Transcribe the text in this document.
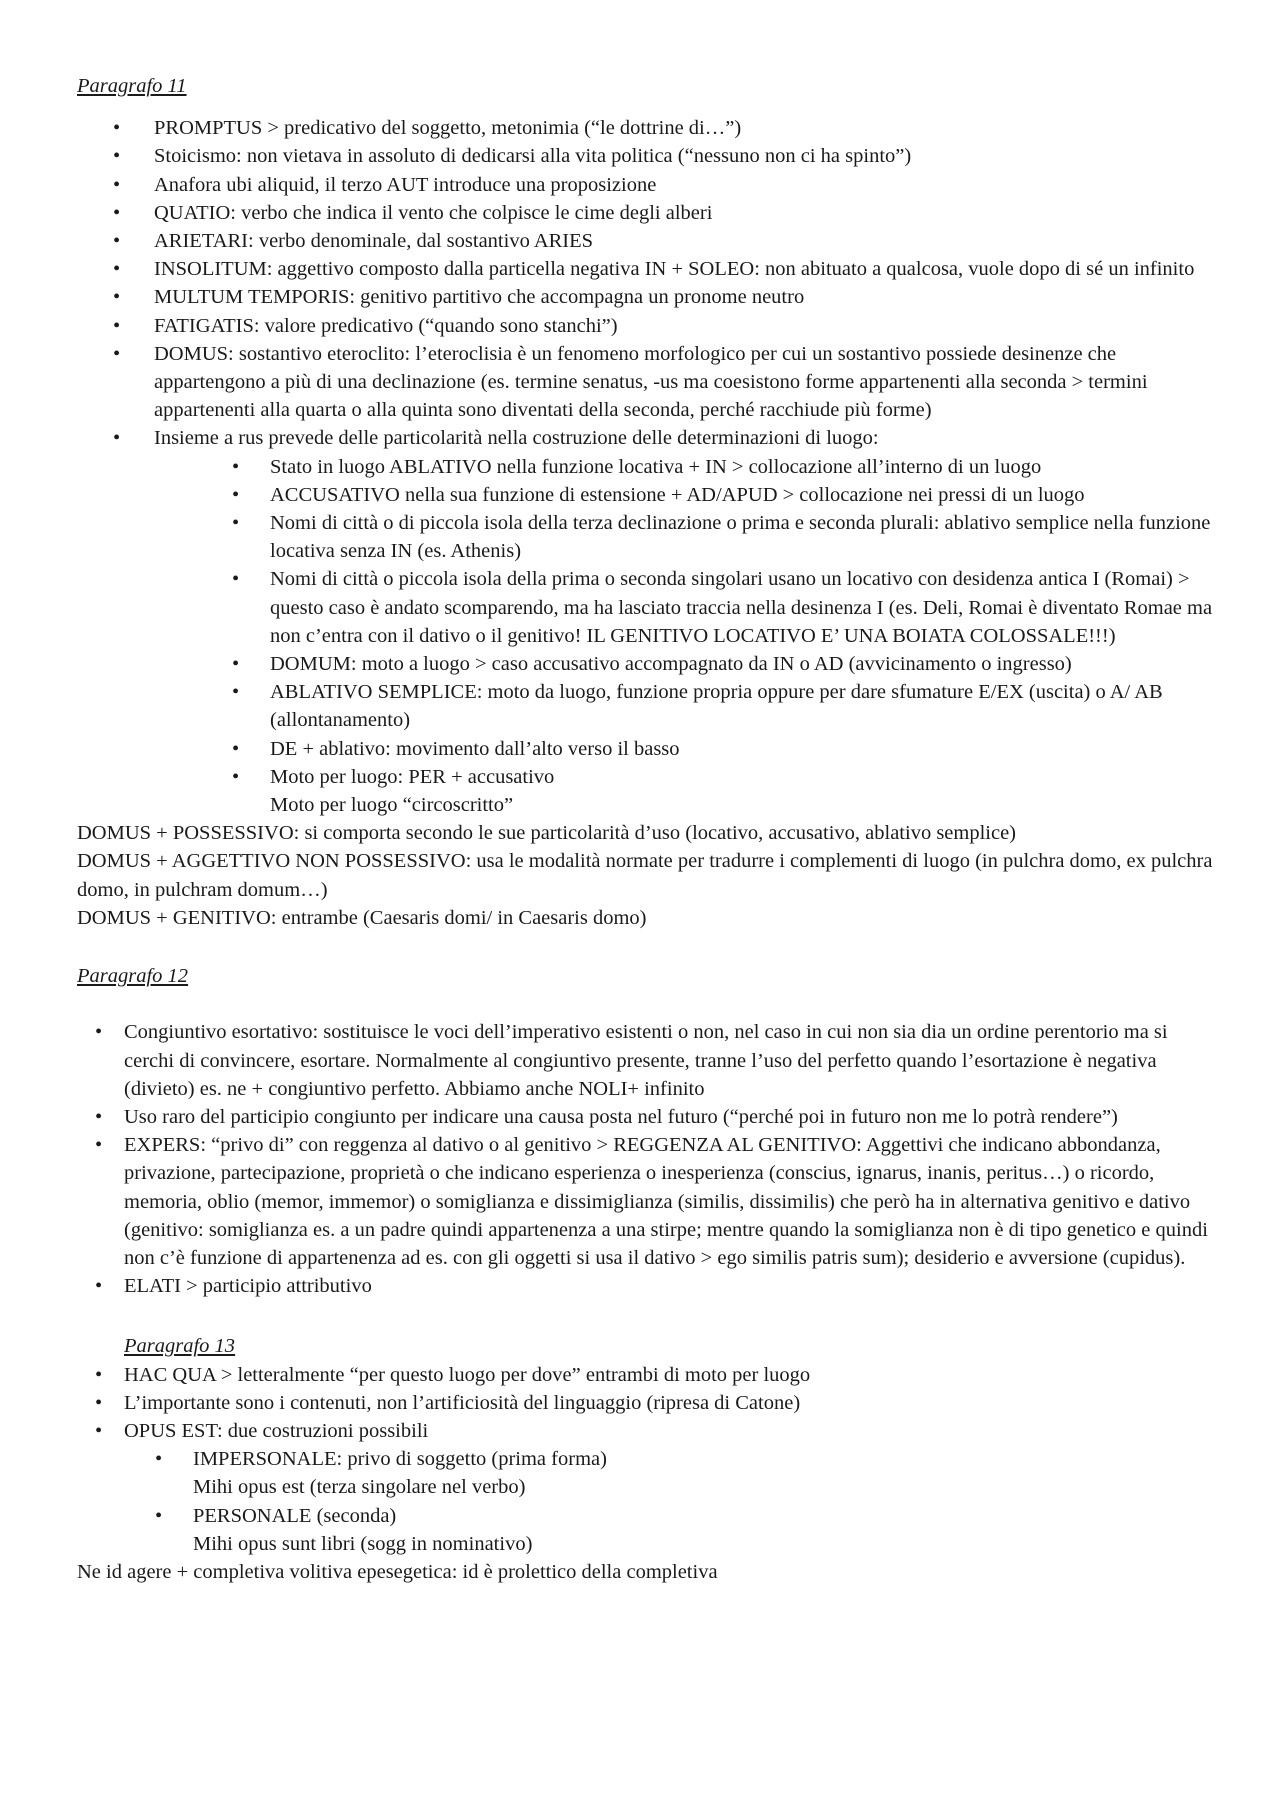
Paragrafo 11

• PROMPTUS > predicativo del soggetto, metonimia (“le dottrine di…”)
• Stoicismo: non vietava in assoluto di dedicarsi alla vita politica (“nessuno non ci ha spinto”)
• Anafora ubi aliquid, il terzo AUT introduce una proposizione
• QUATIO: verbo che indica il vento che colpisce le cime degli alberi
• ARIETARI: verbo denominale, dal sostantivo ARIES
• INSOLITUM: aggettivo composto dalla particella negativa IN + SOLEO: non abituato a qualcosa, vuole dopo di sé un infinito
• MULTUM TEMPORIS: genitivo partitivo che accompagna un pronome neutro
• FATIGATIS: valore predicativo (“quando sono stanchi”)
• DOMUS: sostantivo eteroclito: l’eteroclisia è un fenomeno morfologico per cui un sostantivo possiede desinenze che appartengono a più di una declinazione (es. termine senatus, -us ma coesistono forme appartenenti alla seconda > termini appartenenti alla quarta o alla quinta sono diventati della seconda, perché racchiude più forme)
• Insieme a rus prevede delle particolarità nella costruzione delle determinazioni di luogo:
• Stato in luogo ABLATIVO nella funzione locativa + IN > collocazione all’interno di un luogo
• ACCUSATIVO nella sua funzione di estensione + AD/APUD > collocazione nei pressi di un luogo
• Nomi di città o di piccola isola della terza declinazione o prima e seconda plurali: ablativo semplice nella funzione locativa senza IN (es. Athenis)
• Nomi di città o piccola isola della prima o seconda singolari usano un locativo con desidenza antica I (Romai) > questo caso è andato scomparendo, ma ha lasciato traccia nella desinenza I (es. Deli, Romai è diventato Romae ma non c’entra con il dativo o il genitivo! IL GENITIVO LOCATIVO E’ UNA BOIATA COLOSSALE!!!)
• DOMUM: moto a luogo > caso accusativo accompagnato da IN o AD (avvicinamento o ingresso)
• ABLATIVO SEMPLICE: moto da luogo, funzione propria oppure per dare sfumature E/EX (uscita) o A/ AB (allontanamento)
• DE + ablativo: movimento dall’alto verso il basso
• Moto per luogo: PER + accusativo
Moto per luogo “circoscritto”

DOMUS + POSSESSIVO: si comporta secondo le sue particolarità d’uso (locativo, accusativo, ablativo semplice)

DOMUS + AGGETTIVO NON POSSESSIVO: usa le modalità normate per tradurre i complementi di luogo (in pulchra domo, ex pulchra domo, in pulchram domum…)

DOMUS + GENITIVO: entrambe (Caesaris domi/ in Caesaris domo)

Paragrafo 12

• Congiuntivo esortativo: sostituisce le voci dell’imperativo esistenti o non, nel caso in cui non sia dia un ordine perentorio ma si cerchi di convincere, esortare. Normalmente al congiuntivo presente, tranne l’uso del perfetto quando l’esortazione è negativa (divieto) es. ne + congiuntivo perfetto. Abbiamo anche NOLI+ infinito
• Uso raro del participio congiunto per indicare una causa posta nel futuro (“perché poi in futuro non me lo potrà rendere”)
• EXPERS: “privo di” con reggenza al dativo o al genitivo > REGGENZA AL GENITIVO: Aggettivi che indicano abbondanza, privazione, partecipazione, proprietà o che indicano esperienza o inesperienza (conscius, ignarus, inanis, peritus…) o ricordo, memoria, oblio (memor, immemor) o somiglianza e dissimiglianza (similis, dissimilis) che però ha in alternativa genitivo e dativo (genitivo: somiglianza es. a un padre quindi appartenenza a una stirpe; mentre quando la somiglianza non è di tipo genetico e quindi non c’è funzione di appartenenza ad es. con gli oggetti si usa il dativo > ego similis patris sum); desiderio e avversione (cupidus).
• ELATI > participio attributivo

Paragrafo 13

• HAC QUA > letteralmente “per questo luogo per dove” entrambi di moto per luogo
• L’importante sono i contenuti, non l’artificiosità del linguaggio (ripresa di Catone)
• OPUS EST: due costruzioni possibili
• IMPERSONALE: privo di soggetto (prima forma)
Mihi opus est (terza singolare nel verbo)
• PERSONALE (seconda)
Mihi opus sunt libri (sogg in nominativo)

Ne id agere + completiva volitiva epesegetica: id è prolettico della completiva
